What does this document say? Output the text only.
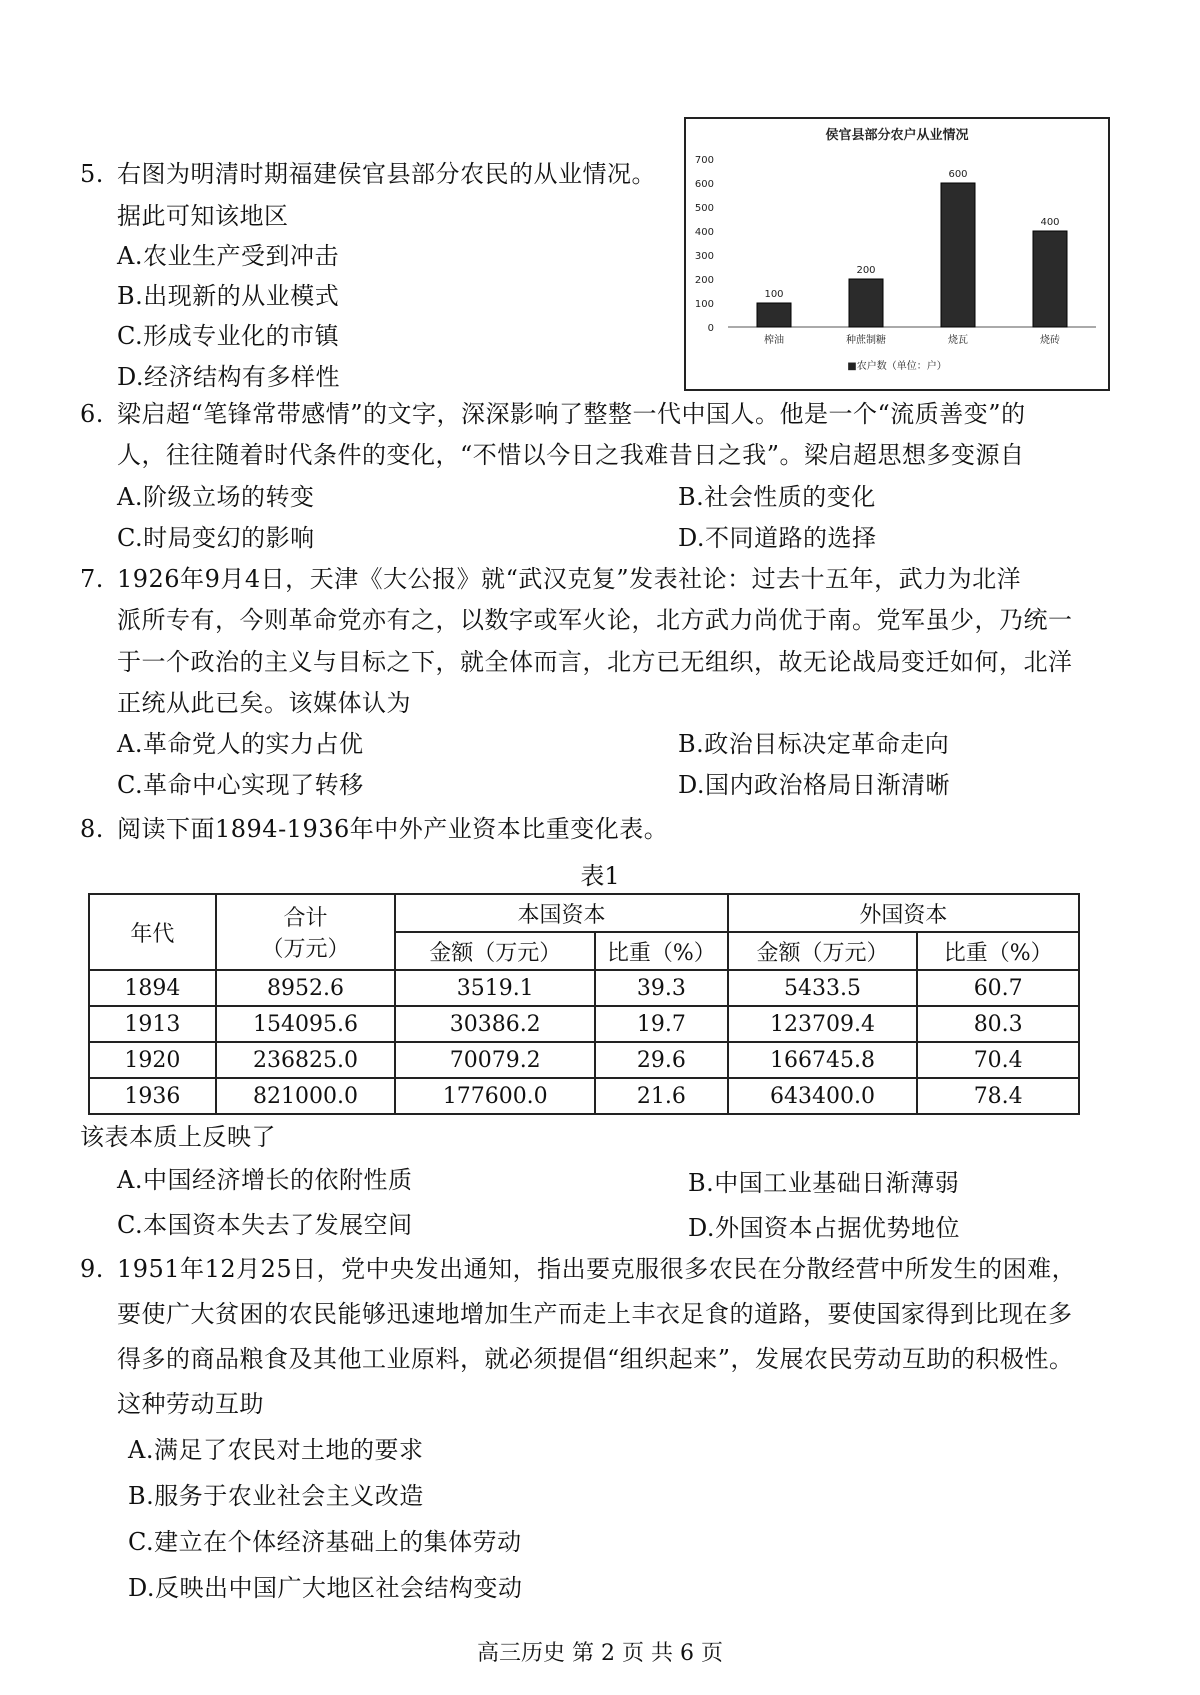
5. 右图为明清时期福建侯官县部分农民的从业情况。
据此可知该地区
A.农业生产受到冲击
B.出现新的从业模式
C.形成专业化的市镇
D.经济结构有多样性
侯官县部分农户从业情况
0
100
200
300
400
500
600
700
100
榨油
200
种蔗制糖
600
烧瓦
400
烧砖
■农户数（单位：户）
6. 梁启超“笔锋常带感情”的文字，深深影响了整整一代中国人。他是一个“流质善变”的
人，往往随着时代条件的变化，“不惜以今日之我难昔日之我”。梁启超思想多变源自
A.阶级立场的转变	B.社会性质的变化
C.时局变幻的影响	D.不同道路的选择
7. 1926年9月4日，天津《大公报》就“武汉克复”发表社论：过去十五年，武力为北洋
派所专有，今则革命党亦有之，以数字或军火论，北方武力尚优于南。党军虽少，乃统一
于一个政治的主义与目标之下，就全体而言，北方已无组织，故无论战局变迁如何，北洋
正统从此已矣。该媒体认为
A.革命党人的实力占优	B.政治目标决定革命走向
C.革命中心实现了转移	D.国内政治格局日渐清晰
8. 阅读下面1894-1936年中外产业资本比重变化表。
表1
年代	合计
（万元）	本国资本		外国资本	
		金额（万元）	比重（%）	金额（万元）	比重（%）
1894	8952.6	3519.1	39.3	5433.5	60.7
1913	154095.6	30386.2	19.7	123709.4	80.3
1920	236825.0	70079.2	29.6	166745.8	70.4
1936	821000.0	177600.0	21.6	643400.0	78.4
该表本质上反映了
A.中国经济增长的依附性质	B.中国工业基础日渐薄弱
C.本国资本失去了发展空间	D.外国资本占据优势地位
9. 1951年12月25日，党中央发出通知，指出要克服很多农民在分散经营中所发生的困难，
要使广大贫困的农民能够迅速地增加生产而走上丰衣足食的道路，要使国家得到比现在多
得多的商品粮食及其他工业原料，就必须提倡“组织起来”，发展农民劳动互助的积极性。
这种劳动互助
A.满足了农民对土地的要求
B.服务于农业社会主义改造
C.建立在个体经济基础上的集体劳动
D.反映出中国广大地区社会结构变动
高三历史 第 2 页 共 6 页
